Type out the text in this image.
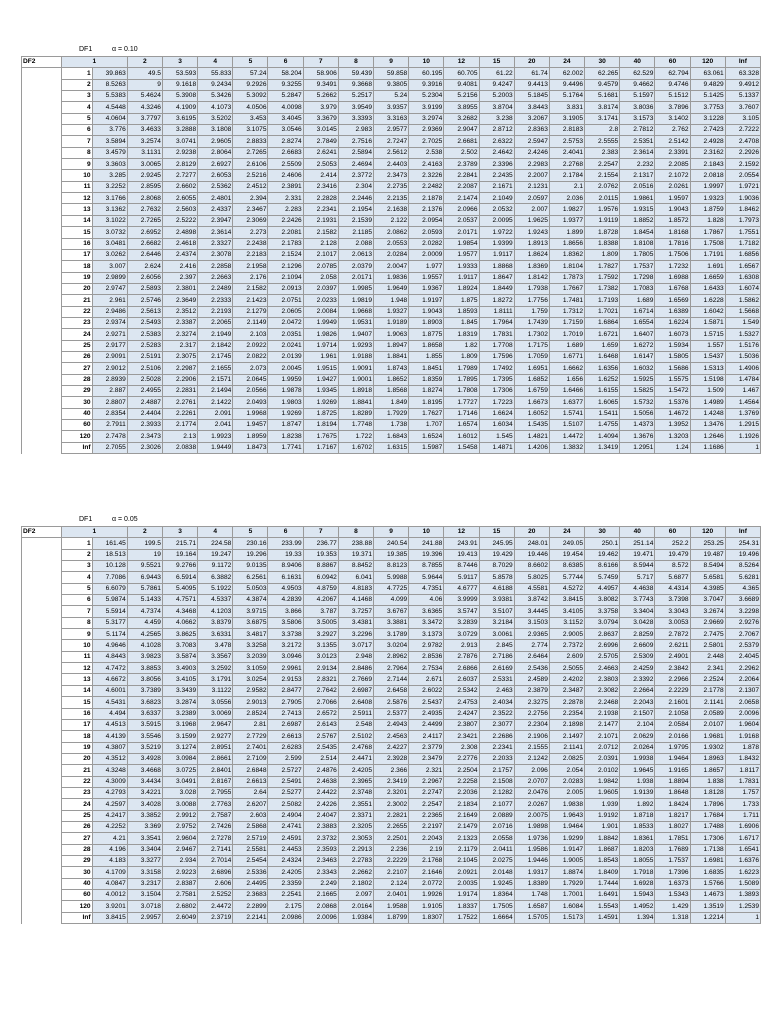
DF1	α = 0.10
DF2	1		2	3	4	5	6	7	8	9	10	12	15	20	24	30	40	60	120	Inf
	1	39.863	49.5	53.593	55.833	57.24	58.204	58.906	59.439	59.858	60.195	60.705	61.22	61.74	62.002	62.265	62.529	62.794	63.061	63.328
	2	8.5263	9	9.1618	9.2434	9.2926	9.3255	9.3491	9.3668	9.3805	9.3916	9.4081	9.4247	9.4413	9.4496	9.4579	9.4662	9.4746	9.4829	9.4912
	3	5.5383	5.4624	5.3908	5.3426	5.3092	5.2847	5.2662	5.2517	5.24	5.2304	5.2156	5.2003	5.1845	5.1764	5.1681	5.1597	5.1512	5.1425	5.1337
	4	4.5448	4.3246	4.1909	4.1073	4.0506	4.0098	3.979	3.9549	3.9357	3.9199	3.8955	3.8704	3.8443	3.831	3.8174	3.8036	3.7896	3.7753	3.7607
	5	4.0604	3.7797	3.6195	3.5202	3.453	3.4045	3.3679	3.3393	3.3163	3.2974	3.2682	3.238	3.2067	3.1905	3.1741	3.1573	3.1402	3.1228	3.105
	6	3.776	3.4633	3.2888	3.1808	3.1075	3.0546	3.0145	2.983	2.9577	2.9369	2.9047	2.8712	2.8363	2.8183	2.8	2.7812	2.762	2.7423	2.7222
	7	3.5894	3.2574	3.0741	2.9605	2.8833	2.8274	2.7849	2.7516	2.7247	2.7025	2.6681	2.6322	2.5947	2.5753	2.5555	2.5351	2.5142	2.4928	2.4708
	8	3.4579	3.1131	2.9238	2.8064	2.7265	2.6683	2.6241	2.5894	2.5612	2.538	2.502	2.4642	2.4246	2.4041	2.383	2.3614	2.3391	2.3162	2.2926
	9	3.3603	3.0065	2.8129	2.6927	2.6106	2.5509	2.5053	2.4694	2.4403	2.4163	2.3789	2.3396	2.2983	2.2768	2.2547	2.232	2.2085	2.1843	2.1592
	10	3.285	2.9245	2.7277	2.6053	2.5216	2.4606	2.414	2.3772	2.3473	2.3226	2.2841	2.2435	2.2007	2.1784	2.1554	2.1317	2.1072	2.0818	2.0554
	11	3.2252	2.8595	2.6602	2.5362	2.4512	2.3891	2.3416	2.304	2.2735	2.2482	2.2087	2.1671	2.1231	2.1	2.0762	2.0516	2.0261	1.9997	1.9721
	12	3.1766	2.8068	2.6055	2.4801	2.394	2.331	2.2828	2.2446	2.2135	2.1878	2.1474	2.1049	2.0597	2.036	2.0115	1.9861	1.9597	1.9323	1.9036
	13	3.1362	2.7632	2.5603	2.4337	2.3467	2.283	2.2341	2.1954	2.1638	2.1376	2.0966	2.0532	2.007	1.9827	1.9576	1.9315	1.9043	1.8759	1.8462
	14	3.1022	2.7265	2.5222	2.3947	2.3069	2.2426	2.1931	2.1539	2.122	2.0954	2.0537	2.0095	1.9625	1.9377	1.9119	1.8852	1.8572	1.828	1.7973
	15	3.0732	2.6952	2.4898	2.3614	2.273	2.2081	2.1582	2.1185	2.0862	2.0593	2.0171	1.9722	1.9243	1.899	1.8728	1.8454	1.8168	1.7867	1.7551
	16	3.0481	2.6682	2.4618	2.3327	2.2438	2.1783	2.128	2.088	2.0553	2.0282	1.9854	1.9399	1.8913	1.8656	1.8388	1.8108	1.7816	1.7508	1.7182
	17	3.0262	2.6446	2.4374	2.3078	2.2183	2.1524	2.1017	2.0613	2.0284	2.0009	1.9577	1.9117	1.8624	1.8362	1.809	1.7805	1.7506	1.7191	1.6856
	18	3.007	2.624	2.416	2.2858	2.1958	2.1296	2.0785	2.0379	2.0047	1.977	1.9333	1.8868	1.8369	1.8104	1.7827	1.7537	1.7232	1.691	1.6567
	19	2.9899	2.6056	2.397	2.2663	2.176	2.1094	2.058	2.0171	1.9836	1.9557	1.9117	1.8647	1.8142	1.7873	1.7592	1.7298	1.6988	1.6659	1.6308
	20	2.9747	2.5893	2.3801	2.2489	2.1582	2.0913	2.0397	1.9985	1.9649	1.9367	1.8924	1.8449	1.7938	1.7667	1.7382	1.7083	1.6768	1.6433	1.6074
	21	2.961	2.5746	2.3649	2.2333	2.1423	2.0751	2.0233	1.9819	1.948	1.9197	1.875	1.8272	1.7756	1.7481	1.7193	1.689	1.6569	1.6228	1.5862
	22	2.9486	2.5613	2.3512	2.2193	2.1279	2.0605	2.0084	1.9668	1.9327	1.9043	1.8593	1.8111	1.759	1.7312	1.7021	1.6714	1.6389	1.6042	1.5668
	23	2.9374	2.5493	2.3387	2.2065	2.1149	2.0472	1.9949	1.9531	1.9189	1.8903	1.845	1.7964	1.7439	1.7159	1.6864	1.6554	1.6224	1.5871	1.549
	24	2.9271	2.5383	2.3274	2.1949	2.103	2.0351	1.9826	1.9407	1.9063	1.8775	1.8319	1.7831	1.7302	1.7019	1.6721	1.6407	1.6073	1.5715	1.5327
	25	2.9177	2.5283	2.317	2.1842	2.0922	2.0241	1.9714	1.9293	1.8947	1.8658	1.82	1.7708	1.7175	1.689	1.659	1.6272	1.5934	1.557	1.5176
	26	2.9091	2.5191	2.3075	2.1745	2.0822	2.0139	1.961	1.9188	1.8841	1.855	1.809	1.7596	1.7059	1.6771	1.6468	1.6147	1.5805	1.5437	1.5036
	27	2.9012	2.5106	2.2987	2.1655	2.073	2.0045	1.9515	1.9091	1.8743	1.8451	1.7989	1.7492	1.6951	1.6662	1.6356	1.6032	1.5686	1.5313	1.4906
	28	2.8939	2.5028	2.2906	2.1571	2.0645	1.9959	1.9427	1.9001	1.8652	1.8359	1.7895	1.7395	1.6852	1.656	1.6252	1.5925	1.5575	1.5198	1.4784
	29	2.887	2.4955	2.2831	2.1494	2.0566	1.9878	1.9345	1.8918	1.8568	1.8274	1.7808	1.7306	1.6759	1.6466	1.6155	1.5825	1.5472	1.509	1.467
	30	2.8807	2.4887	2.2761	2.1422	2.0493	1.9803	1.9269	1.8841	1.849	1.8195	1.7727	1.7223	1.6673	1.6377	1.6065	1.5732	1.5376	1.4989	1.4564
	40	2.8354	2.4404	2.2261	2.091	1.9968	1.9269	1.8725	1.8289	1.7929	1.7627	1.7146	1.6624	1.6052	1.5741	1.5411	1.5056	1.4672	1.4248	1.3769
	60	2.7911	2.3933	2.1774	2.041	1.9457	1.8747	1.8194	1.7748	1.738	1.707	1.6574	1.6034	1.5435	1.5107	1.4755	1.4373	1.3952	1.3476	1.2915
	120	2.7478	2.3473	2.13	1.9923	1.8959	1.8238	1.7675	1.722	1.6843	1.6524	1.6012	1.545	1.4821	1.4472	1.4094	1.3676	1.3203	1.2646	1.1926
	Inf	2.7055	2.3026	2.0838	1.9449	1.8473	1.7741	1.7167	1.6702	1.6315	1.5987	1.5458	1.4871	1.4206	1.3832	1.3419	1.2951	1.24	1.1686	1
DF1	α = 0.05
DF2	1		2	3	4	5	6	7	8	9	10	12	15	20	24	30	40	60	120	Inf
	1	161.45	199.5	215.71	224.58	230.16	233.99	236.77	238.88	240.54	241.88	243.91	245.95	248.01	249.05	250.1	251.14	252.2	253.25	254.31
	2	18.513	19	19.164	19.247	19.296	19.33	19.353	19.371	19.385	19.396	19.413	19.429	19.446	19.454	19.462	19.471	19.479	19.487	19.496
	3	10.128	9.5521	9.2766	9.1172	9.0135	8.9406	8.8867	8.8452	8.8123	8.7855	8.7446	8.7029	8.6602	8.6385	8.6166	8.5944	8.572	8.5494	8.5264
	4	7.7086	6.9443	6.5914	6.3882	6.2561	6.1631	6.0942	6.041	5.9988	5.9644	5.9117	5.8578	5.8025	5.7744	5.7459	5.717	5.6877	5.6581	5.6281
	5	6.6079	5.7861	5.4095	5.1922	5.0503	4.9503	4.8759	4.8183	4.7725	4.7351	4.6777	4.6188	4.5581	4.5272	4.4957	4.4638	4.4314	4.3985	4.365
	6	5.9874	5.1433	4.7571	4.5337	4.3874	4.2839	4.2067	4.1468	4.099	4.06	3.9999	3.9381	3.8742	3.8415	3.8082	3.7743	3.7398	3.7047	3.6689
	7	5.5914	4.7374	4.3468	4.1203	3.9715	3.866	3.787	3.7257	3.6767	3.6365	3.5747	3.5107	3.4445	3.4105	3.3758	3.3404	3.3043	3.2674	3.2298
	8	5.3177	4.459	4.0662	3.8379	3.6875	3.5806	3.5005	3.4381	3.3881	3.3472	3.2839	3.2184	3.1503	3.1152	3.0794	3.0428	3.0053	2.9669	2.9276
	9	5.1174	4.2565	3.8625	3.6331	3.4817	3.3738	3.2927	3.2296	3.1789	3.1373	3.0729	3.0061	2.9365	2.9005	2.8637	2.8259	2.7872	2.7475	2.7067
	10	4.9646	4.1028	3.7083	3.478	3.3258	3.2172	3.1355	3.0717	3.0204	2.9782	2.913	2.845	2.774	2.7372	2.6996	2.6609	2.6211	2.5801	2.5379
	11	4.8443	3.9823	3.5874	3.3567	3.2039	3.0946	3.0123	2.948	2.8962	2.8536	2.7876	2.7186	2.6464	2.609	2.5705	2.5309	2.4901	2.448	2.4045
	12	4.7472	3.8853	3.4903	3.2592	3.1059	2.9961	2.9134	2.8486	2.7964	2.7534	2.6866	2.6169	2.5436	2.5055	2.4663	2.4259	2.3842	2.341	2.2962
	13	4.6672	3.8056	3.4105	3.1791	3.0254	2.9153	2.8321	2.7669	2.7144	2.671	2.6037	2.5331	2.4589	2.4202	2.3803	2.3392	2.2966	2.2524	2.2064
	14	4.6001	3.7389	3.3439	3.1122	2.9582	2.8477	2.7642	2.6987	2.6458	2.6022	2.5342	2.463	2.3879	2.3487	2.3082	2.2664	2.2229	2.1778	2.1307
	15	4.5431	3.6823	3.2874	3.0556	2.9013	2.7905	2.7066	2.6408	2.5876	2.5437	2.4753	2.4034	2.3275	2.2878	2.2468	2.2043	2.1601	2.1141	2.0658
	16	4.494	3.6337	3.2389	3.0069	2.8524	2.7413	2.6572	2.5911	2.5377	2.4935	2.4247	2.3522	2.2756	2.2354	2.1938	2.1507	2.1058	2.0589	2.0096
	17	4.4513	3.5915	3.1968	2.9647	2.81	2.6987	2.6143	2.548	2.4943	2.4499	2.3807	2.3077	2.2304	2.1898	2.1477	2.104	2.0584	2.0107	1.9604
	18	4.4139	3.5546	3.1599	2.9277	2.7729	2.6613	2.5767	2.5102	2.4563	2.4117	2.3421	2.2686	2.1906	2.1497	2.1071	2.0629	2.0166	1.9681	1.9168
	19	4.3807	3.5219	3.1274	2.8951	2.7401	2.6283	2.5435	2.4768	2.4227	2.3779	2.308	2.2341	2.1555	2.1141	2.0712	2.0264	1.9795	1.9302	1.878
	20	4.3512	3.4928	3.0984	2.8661	2.7109	2.599	2.514	2.4471	2.3928	2.3479	2.2776	2.2033	2.1242	2.0825	2.0391	1.9938	1.9464	1.8963	1.8432
	21	4.3248	3.4668	3.0725	2.8401	2.6848	2.5727	2.4876	2.4205	2.366	2.321	2.2504	2.1757	2.096	2.054	2.0102	1.9645	1.9165	1.8657	1.8117
	22	4.3009	3.4434	3.0491	2.8167	2.6613	2.5491	2.4638	2.3965	2.3419	2.2967	2.2258	2.1508	2.0707	2.0283	1.9842	1.938	1.8894	1.838	1.7831
	23	4.2793	3.4221	3.028	2.7955	2.64	2.5277	2.4422	2.3748	2.3201	2.2747	2.2036	2.1282	2.0476	2.005	1.9605	1.9139	1.8648	1.8128	1.757
	24	4.2597	3.4028	3.0088	2.7763	2.6207	2.5082	2.4226	2.3551	2.3002	2.2547	2.1834	2.1077	2.0267	1.9838	1.939	1.892	1.8424	1.7896	1.733
	25	4.2417	3.3852	2.9912	2.7587	2.603	2.4904	2.4047	2.3371	2.2821	2.2365	2.1649	2.0889	2.0075	1.9643	1.9192	1.8718	1.8217	1.7684	1.711
	26	4.2252	3.369	2.9752	2.7426	2.5868	2.4741	2.3883	2.3205	2.2655	2.2197	2.1479	2.0716	1.9898	1.9464	1.901	1.8533	1.8027	1.7488	1.6906
	27	4.21	3.3541	2.9604	2.7278	2.5719	2.4591	2.3732	2.3053	2.2501	2.2043	2.1323	2.0558	1.9736	1.9299	1.8842	1.8361	1.7851	1.7306	1.6717
	28	4.196	3.3404	2.9467	2.7141	2.5581	2.4453	2.3593	2.2913	2.236	2.19	2.1179	2.0411	1.9586	1.9147	1.8687	1.8203	1.7689	1.7138	1.6541
	29	4.183	3.3277	2.934	2.7014	2.5454	2.4324	2.3463	2.2783	2.2229	2.1768	2.1045	2.0275	1.9446	1.9005	1.8543	1.8055	1.7537	1.6981	1.6376
	30	4.1709	3.3158	2.9223	2.6896	2.5336	2.4205	2.3343	2.2662	2.2107	2.1646	2.0921	2.0148	1.9317	1.8874	1.8409	1.7918	1.7396	1.6835	1.6223
	40	4.0847	3.2317	2.8387	2.606	2.4495	2.3359	2.249	2.1802	2.124	2.0772	2.0035	1.9245	1.8389	1.7929	1.7444	1.6928	1.6373	1.5766	1.5089
	60	4.0012	3.1504	2.7581	2.5252	2.3683	2.2541	2.1665	2.097	2.0401	1.9926	1.9174	1.8364	1.748	1.7001	1.6491	1.5943	1.5343	1.4673	1.3893
	120	3.9201	3.0718	2.6802	2.4472	2.2899	2.175	2.0868	2.0164	1.9588	1.9105	1.8337	1.7505	1.6587	1.6084	1.5543	1.4952	1.429	1.3519	1.2539
	Inf	3.8415	2.9957	2.6049	2.3719	2.2141	2.0986	2.0096	1.9384	1.8799	1.8307	1.7522	1.6664	1.5705	1.5173	1.4591	1.394	1.318	1.2214	1
